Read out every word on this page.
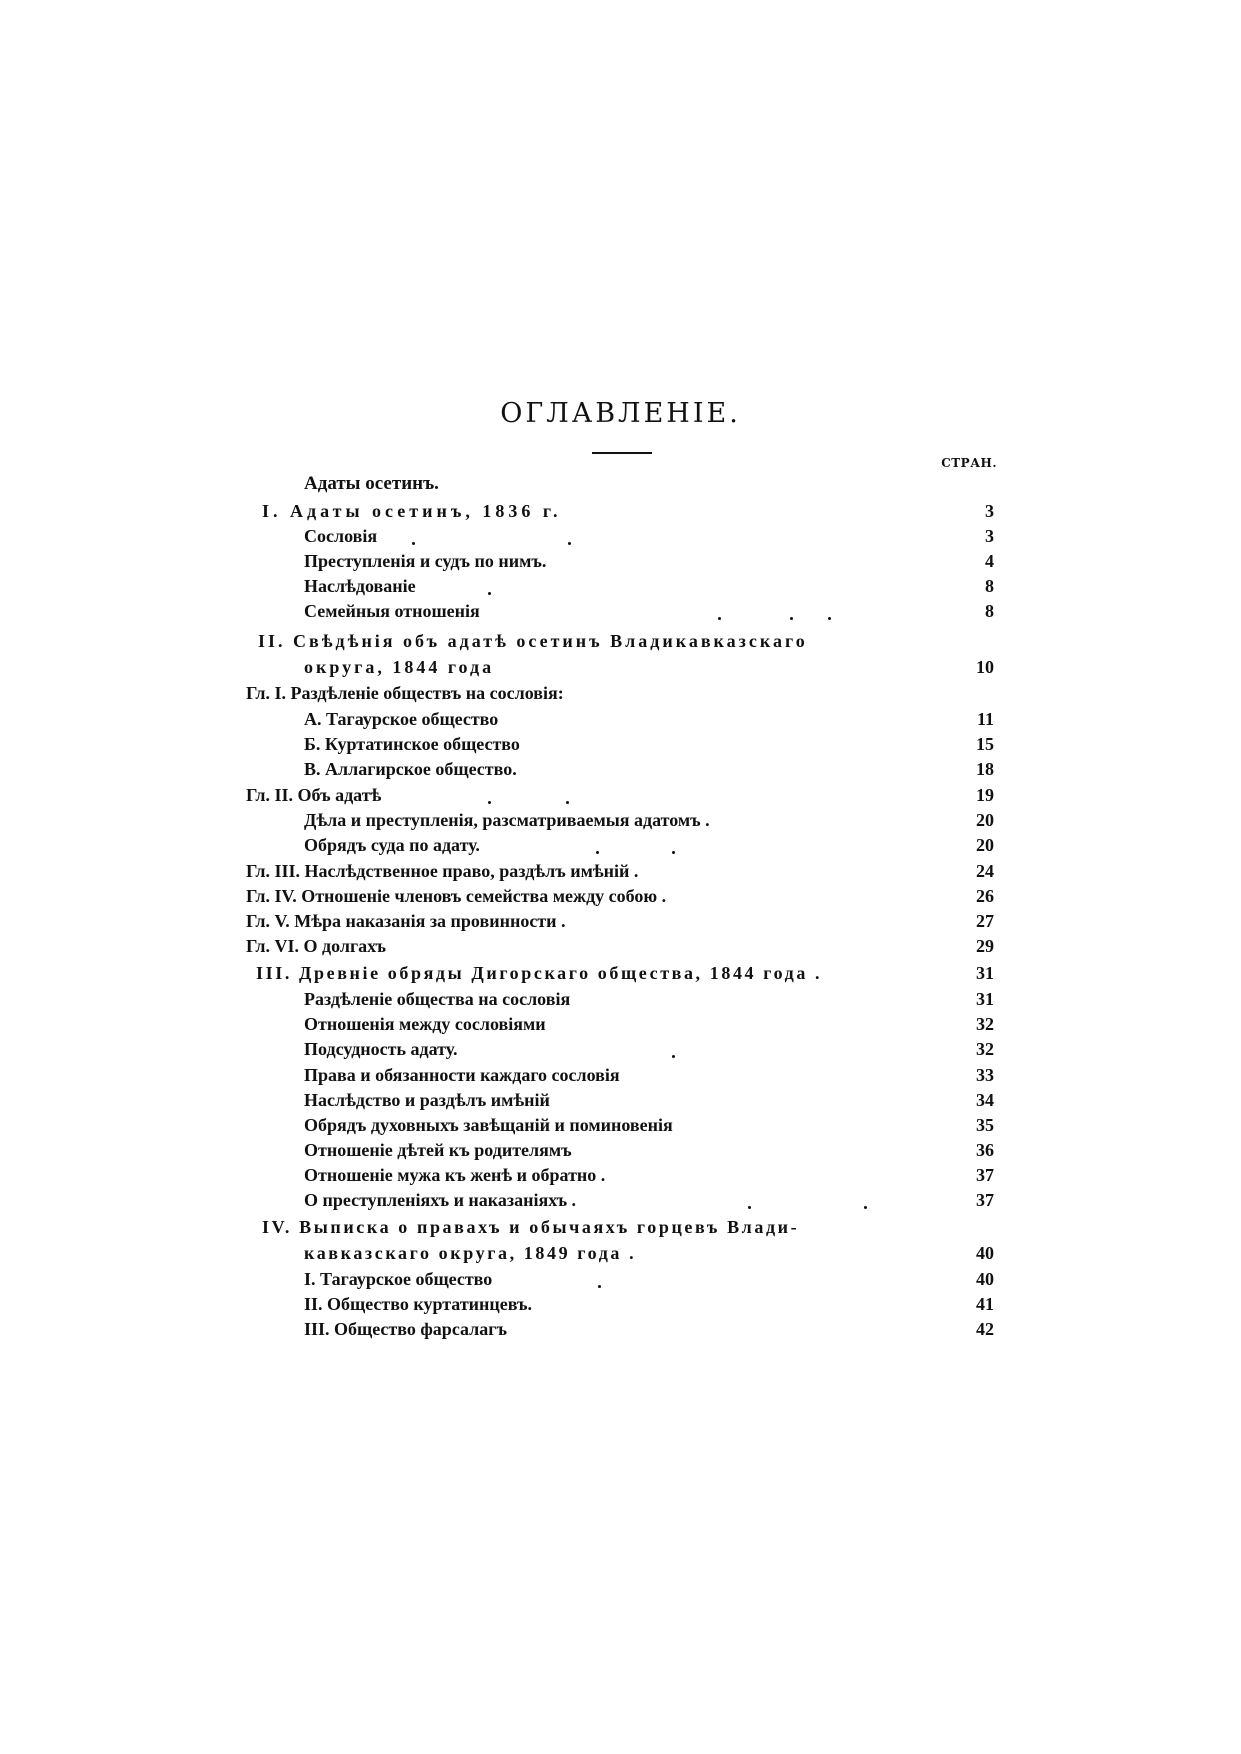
ОГЛАВЛЕНIЕ.
СТРАН.
Адаты осетинъ.
I. Адаты осетинъ, 1836 г.	3
Сословiя	3
Преступленiя и судъ по нимъ.	4
Наслѣдованiе	8
Семейныя отношенiя	8
II. Свѣдѣнiя объ адатѣ осетинъ Владикавказскаго
округа, 1844 года	10
Гл. I. Раздѣленiе обществъ на сословiя:
А. Тагаурское общество	11
Б. Куртатинское общество	15
В. Аллагирское общество.	18
Гл. II. Объ адатѣ	19
Дѣла и преступленiя, разсматриваемыя адатомъ .	20
Обрядъ суда по адату.	20
Гл. III. Наслѣдственное право, раздѣлъ имѣнiй .	24
Гл. IV. Отношенiе членовъ семейства между собою .	26
Гл. V. Мѣра наказанiя за провинности .	27
Гл. VI. О долгахъ	29
III. Древнiе обряды Дигорскаго общества, 1844 года .	31
Раздѣленiе общества на сословiя	31
Отношенiя между сословiями	32
Подсудность адату.	32
Права и обязанности каждаго сословiя	33
Наслѣдство и раздѣлъ имѣнiй	34
Обрядъ духовныхъ завѣщанiй и поминовенiя	35
Отношенiе дѣтей къ родителямъ	36
Отношенiе мужа къ женѣ и обратно .	37
О преступленiяхъ и наказанiяхъ .	37
IV. Выписка о правахъ и обычаяхъ горцевъ Влади-
кавказскаго округа, 1849 года .	40
I. Тагаурское общество	40
II. Общество куртатинцевъ.	41
III. Общество фарсалагъ	42
